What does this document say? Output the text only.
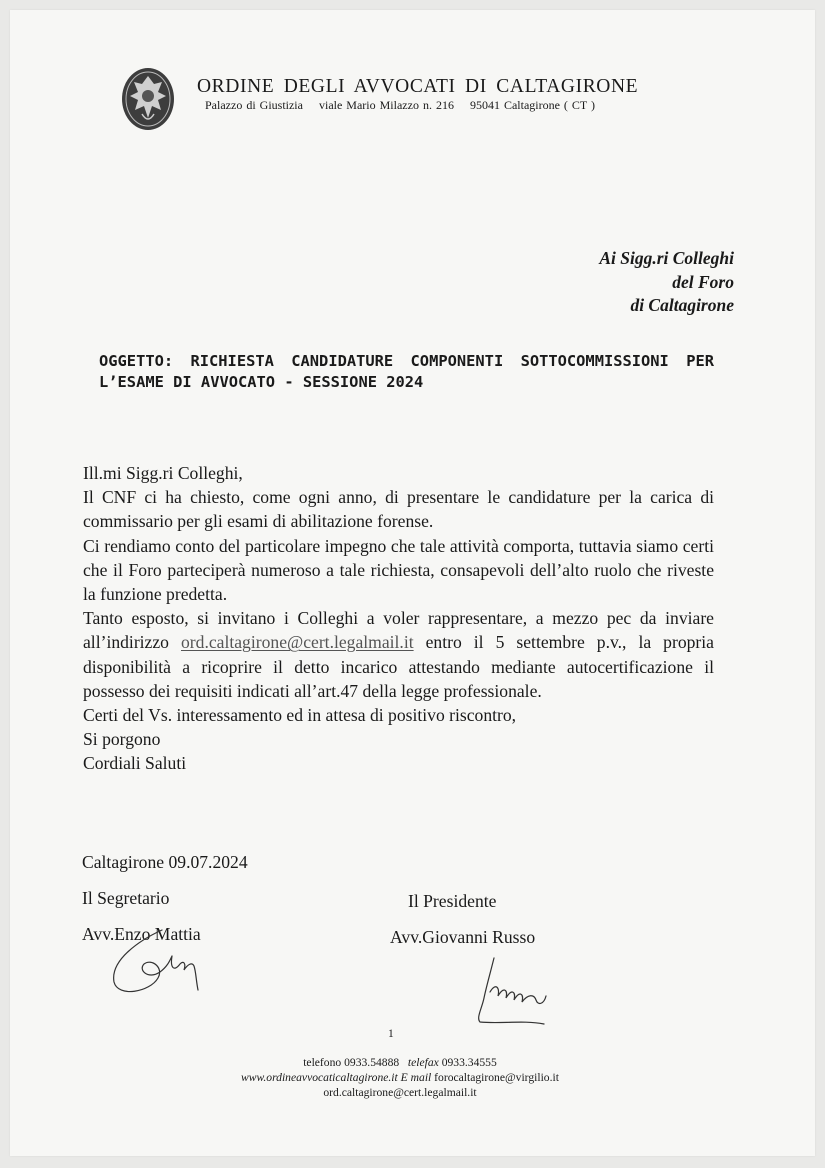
ORDINE DEGLI AVVOCATI DI CALTAGIRONE
Palazzo di Giustizia viale Mario Milazzo n. 216 95041 Caltagirone ( CT )
Ai Sigg.ri Colleghi
del Foro
di Caltagirone
OGGETTO: RICHIESTA CANDIDATURE COMPONENTI SOTTOCOMMISSIONI PER L’ESAME DI AVVOCATO - SESSIONE 2024

Ill.mi Sigg.ri Colleghi,

Il CNF ci ha chiesto, come ogni anno, di presentare le candidature per la carica di commissario per gli esami di abilitazione forense.

Ci rendiamo conto del particolare impegno che tale attività comporta, tuttavia siamo certi che il Foro parteciperà numeroso a tale richiesta, consapevoli dell’alto ruolo che riveste la funzione predetta.

Tanto esposto, si invitano i Colleghi a voler rappresentare, a mezzo pec da inviare all’indirizzo ord.caltagirone@cert.legalmail.it entro il 5 settembre p.v., la propria disponibilità a ricoprire il detto incarico attestando mediante autocertificazione il possesso dei requisiti indicati all’art.47 della legge professionale.

Certi del Vs. interessamento ed in attesa di positivo riscontro,

Si porgono

Cordiali Saluti

Caltagirone 09.07.2024
Il Segretario
Avv.Enzo Mattia
Il Presidente
Avv.Giovanni Russo
1
telefono 0933.54888 telefax 0933.34555
www.ordineavvocaticaltagirone.it E mail forocaltagirone@virgilio.it
ord.caltagirone@cert.legalmail.it
